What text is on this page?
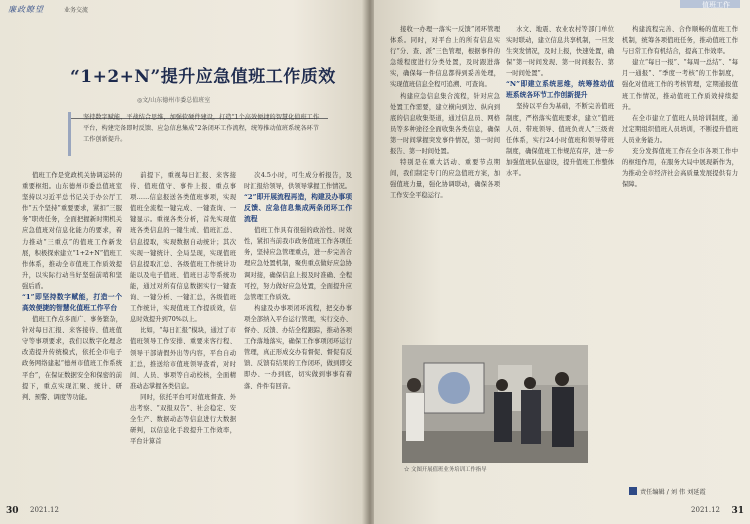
廉政瞭望	业务交流
“1+2+N”提升应急值班工作质效
◎文/山东德州市委总值班室
坚持数字赋能、平战结合思维，加强软硬件建设，打造“1个高效便捷的智慧化值班工作平台，构建完备即时反馈、应急信息集成“2条闭环工作流程，统筹推动值班系统各环节工作创新提升。

值班工作是党政机关协调运转的重要枢纽。山东德州市委总值班室坚持以习近平总书记关于办公厅工作“五个坚持”重要要求，紧扣“三服务”职责任务，全面把握新时期机关应急值班对信息化能力的要求，着力推动“三重点”的值班工作新发展，积极探索建立“1+2+N”值班工作体系，推动全市值班工作质效提升，以实际行动当好坚强前哨和坚强后盾。

“1”即坚持数字赋能，打造一个高效便捷的智慧化值班工作平台

值班工作点多面广、事务繁杂，针对每日汇报、来客接待、值班值守等事项要求，我们以数字化理念改造提升传统模式，依托全市电子政务网络建起“德州市值班工作系统平台”，在保证数据安全和保密的前提下，重点实现汇聚、统计、研判、预警、调度等功能。

前提下，重视每日汇报、来客接待、值班值守、事件上报、重点事项……信息报送各类值班事项，实现值班全流程一键完成、一键查询、一键显示。重视各类分析，首先实现值班各类信息的一键生成、值班汇总、信息提取，实现数据自动统计；其次实现一键统计、全局呈现，实现值班信息提取汇总、各级值班工作统计功能以及电子值班、值班日志等系统功能，通过对所有信息数据实行一键查询、一键分析、一键汇总，各级值班工作统计，实现值班工作提质效，信息时效提升到70%以上。

比如，“每日汇报”模块，通过了市值班领导工作安排、重要来客行程、领导干部请假外出等内容，平台自动汇总，推送给市值班领导查看，对时间、人员、事项等自动校核，全面精准动态掌握各类信息。

同时，依托平台可对值班督查、外出考察、“双报双告”、社会稳定、安全生产、数据动态等信息进行大数据研判，以信息化手段提升工作效率，平台计算首

次4.5小时，可生成分析报告，及时汇报给领导，供领导掌握工作情况。

“2”即开展流程再造，构建及办事项反馈、应急信息集成两条闭环工作流程

值班工作具有很强的政治性、时效性，紧扣当前我市政务值班工作各项任务，坚持应急管理重点，进一步完善合理应急处置机制，聚焦重点做好应急协调对接，确保信息上报及时准确、全程可控，努力做好应急处置，全面提升应急管理工作质效。

构建及办事项闭环流程，把交办事项全部纳入平台运行管理，实行交办、督办、反馈、办结全程跟踪，推动各项工作落地落实，确保工作事项闭环运行管理，真正形成交办有督促、督促有反馈、反馈有结果的工作闭环，做到即交即办、一办到底，切实做到事事有着落、件件有回音。

30 2021.12
值班工作

接收一办理一落实一反馈”闭环管理体系。同时，对平台上的所有信息实行“分、查、派”三色管理，根据事件的急缓程度进行分类处置，及时跟进落实，确保每一件信息都得到妥善处理，实现值班信息全程可追溯、可查询。

构建应急信息集合流程，针对应急处置工作需要，建立横向到边、纵向到底的信息收集渠道，通过信息员、网格员等多种途径全面收集各类信息，确保第一时间掌握突发事件情况，第一时间报告、第一时间处置。

特别是在重大活动、重要节点期间，我们制定专门的应急值班方案，加强值班力量，强化协调联动，确保各项工作安全平稳运行。

水文、地震、农业农村等部门单位实时联动，建立信息共享机制，一旦发生突发情况，及时上报，快速处置，确保“第一时间发现、第一时间报告、第一时间处置”。

“N”即建立系统思维，统筹推动值班系统各环节工作创新提升

坚持以平台为基础，不断完善值班制度，严格落实值班要求，建立“值班人员、带班领导、值班负责人”三级责任体系，实行24小时值班和领导带班制度，确保值班工作规范有序，进一步加强值班队伍建设，提升值班工作整体水平。

构建流程完善、合作顺畅的值班工作机制，统筹各项值班任务，推动值班工作与日常工作有机结合，提高工作效率。

建立“每日一报”、“每周一总结”、“每月一通报”、“季度一考核”的工作制度，强化对值班工作的考核管理，定期通报值班工作情况，推动值班工作质效持续提升。

在全市建立了值班人员培训制度，通过定期组织值班人员培训，不断提升值班人员业务能力。

充分发挥值班工作在全市各项工作中的枢纽作用，在服务大局中展现新作为，为推动全市经济社会高质量发展提供有力保障。

31
2021.12
☆ 文图开展值班业务培训工作指导
责任编辑 / 刘 伟 刘延霞
